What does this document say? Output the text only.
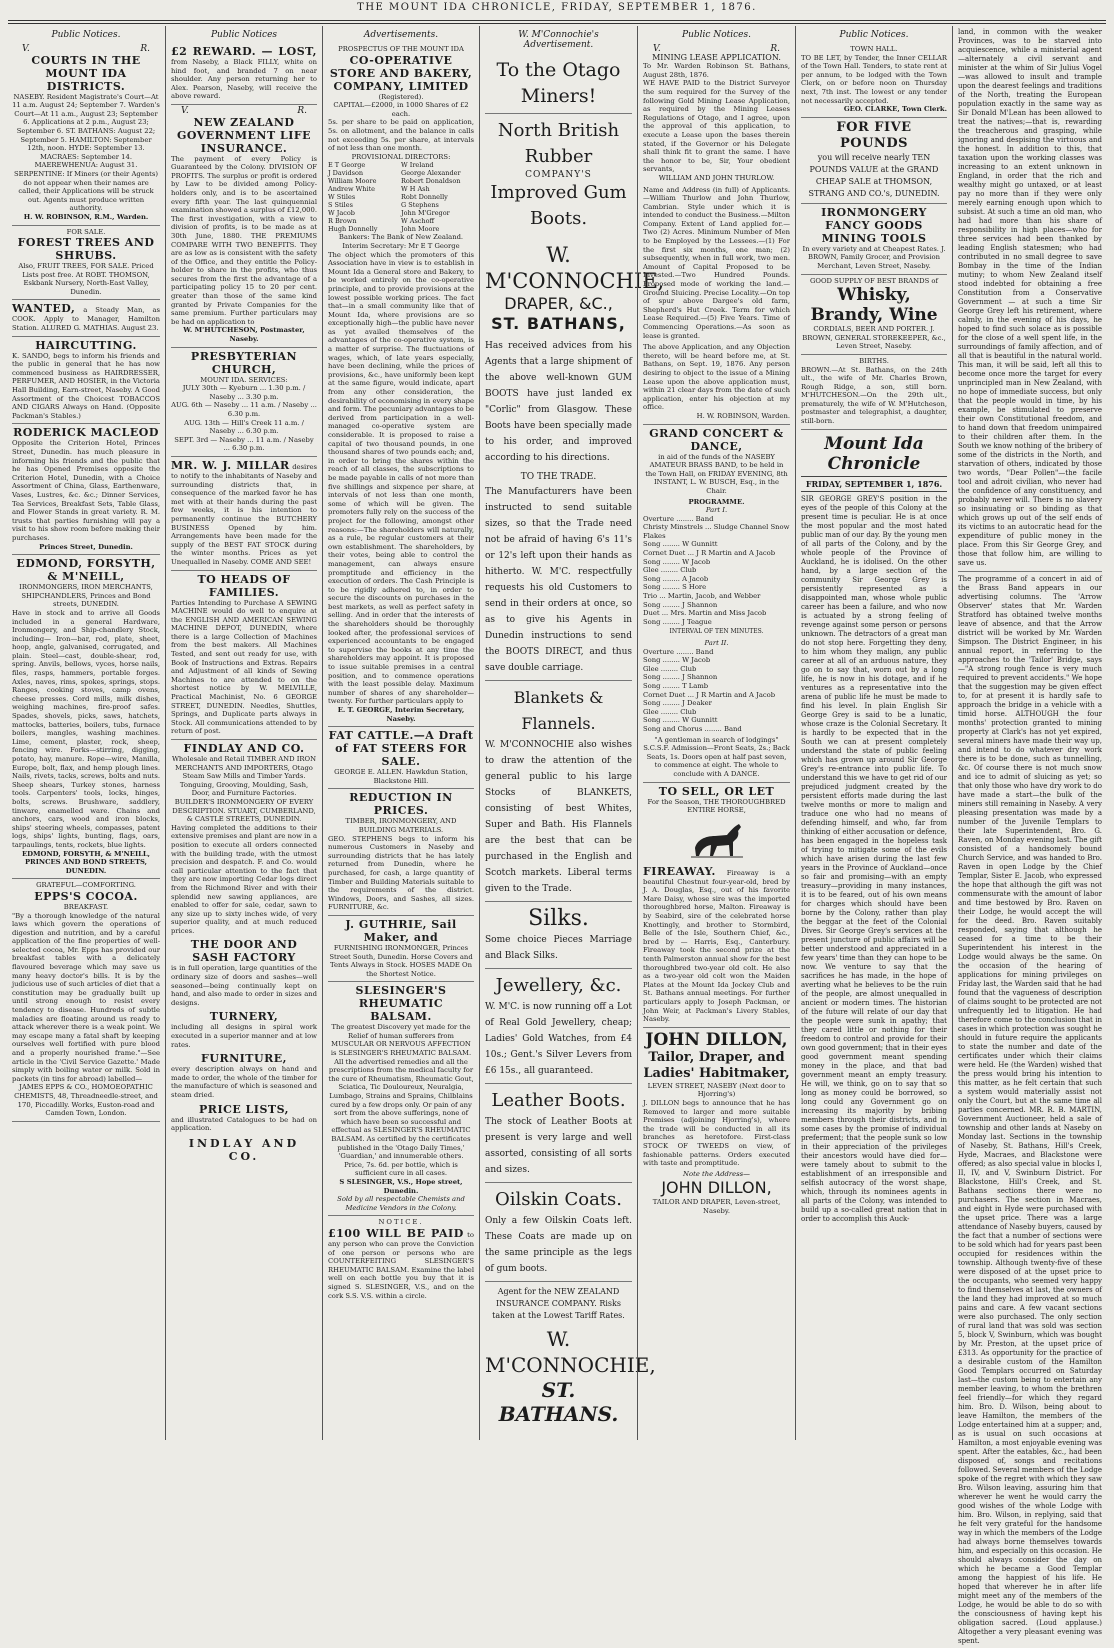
THE MOUNT IDA CHRONICLE, FRIDAY, SEPTEMBER 1, 1876.
Public Notices.
V.	R.
COURTS IN THE MOUNT IDA DISTRICTS.
NASEBY. Resident Magistrate's Court—At 11 a.m. August 24; September 7. Warden's Court—At 11 a.m., August 23; September 6. Applications at 2 p.m., August 23; September 6. ST. BATHANS: August 22; September 5. HAMILTON: September 12th, noon. HYDE: September 13. MACRAES: September 14. MAEREWHENUA: August 31. SERPENTINE: If Miners (or their Agents) do not appear when their names are called, their Applications will be struck out. Agents must produce written authority.
H. W. ROBINSON, R.M., Warden.
FOR SALE.
FOREST TREES AND SHRUBS.
Also, FRUIT TREES, FOR SALE. Priced Lists post free. At ROBT. THOMSON, Eskbank Nursery, North-East Valley, Dunedin.
WANTED, a Steady Man, as COOK. Apply to Manager, Hamilton Station. ALURED G. MATHIAS. August 23.
HAIRCUTTING.
K. SANDO, begs to inform his friends and the public in general that he has now commenced business as HAIRDRESSER, PERFUMER, AND HOSIER, in the Victoria Hall Building, Earn-street, Naseby. A Good Assortment of the Choicest TOBACCOS AND CIGARS Always on Hand. (Opposite Packman's Stables.)
RODERICK MACLEOD
Opposite the Criterion Hotel, Princes Street, Dunedin. has much pleasure in informing his friends and the public that he has Opened Premises opposite the Criterion Hotel, Dunedin, with a Choice Assortment of China, Glass, Earthenware, Vases, Lustres, &c. &c.; Dinner Services, Tea Services, Breakfast Sets, Table Glass, and Flower Stands in great variety. R. M. trusts that parties furnishing will pay a visit to his show room before making their purchases.
Princes Street, Dunedin.
EDMOND, FORSYTH, & M'NEILL,
IRONMONGERS, IRON MERCHANTS, SHIPCHANDLERS, Princes and Bond streets, DUNEDIN.
Have in stock and to arrive all Goods included in a general Hardware, Ironmongery, and Ship-chandlery Stock, including— Iron—bar, rod, plate, sheet, hoop, angle, galvanised, corrugated, and plain. Steel—cast, double-shear, rod, spring. Anvils, bellows, vyces, horse nails, files, rasps, hammers, portable forges. Axles, naves, rims, spokes, springs, stops. Ranges, cooking stoves, camp ovens, cheese presses. Cord mills, milk dishes, weighing machines, fire-proof safes. Spades, shovels, picks, saws, hatchets, mattocks, batteries, boilers, tubs, furnace boilers, mangles, washing machines. Lime, cement, plaster, rock, sheep, fencing wire. Forks—stirring, digging, potato, hay, manure. Rope—wire, Manilla, Europe, bolt, flax, and hemp plough lines. Nails, rivets, tacks, screws, bolts and nuts. Sheep shears, Turkey stones, harness tools. Carpenters' tools, locks, hinges, bolts, screws. Brushware, saddlery, tinware, enamelled ware. Chains and anchors, cars, wood and iron blocks, ships' steering wheels, compasses, patent logs, ships' lights, bunting, flags, oars, tarpaulings, tents, rockets, blue lights.
EDMOND, FORSYTH, & M'NEILL, PRINCES AND BOND STREETS, DUNEDIN.
GRATEFUL—COMFORTING.
EPPS'S COCOA.
BREAKFAST.
"By a thorough knowledge of the natural laws which govern the operations of digestion and nutrition, and by a careful application of the fine properties of well-selected cocoa, Mr. Epps has provided our breakfast tables with a delicately flavoured beverage which may save us many heavy doctor's bills. It is by the judicious use of such articles of diet that a constitution may be gradually built up until strong enough to resist every tendency to disease. Hundreds of subtle maladies are floating around us ready to attack wherever there is a weak point. We may escape many a fatal shaft by keeping ourselves well fortified with pure blood and a properly nourished frame."—See article in the 'Civil Service Gazette.' Made simply with boiling water or milk. Sold in packets (in tins for abroad) labelled—
JAMES EPPS & CO., HOMOEOPATHIC CHEMISTS, 48, Threadneedle-street, and 170, Piccadilly. Works, Euston-road and Camden Town, London.
Public Notices
£2 REWARD. — LOST, from Naseby, a Black FILLY, white on hind foot, and branded 7 on near shoulder. Any person returning her to Alex. Pearson, Naseby, will receive the above reward.
V.	R.
NEW ZEALAND GOVERNMENT LIFE INSURANCE.
The payment of every Policy is Guaranteed by the Colony. DIVISION OF PROFITS. The surplus or profit is ordered by Law to be divided among Policy-holders only, and is to be ascertained every fifth year. The last quinquennial examination showed a surplus of £12,000. The first investigation, with a view to division of profits, is to be made as at 30th June, 1880. THE PREMIUMS COMPARE WITH TWO BENEFITS. They are as low as is consistent with the safety of the Office, and they entitle the Policy-holder to share in the profits, who thus secures from the first the advantage of a participating policy 15 to 20 per cent. greater than those of the same kind granted by Private Companies for the same premium. Further particulars may be had on application to
W. M'HUTCHESON, Postmaster, Naseby.
PRESBYTERIAN CHURCH,
MOUNT IDA. SERVICES:
JULY 30th — Kyeburn ... 1.30 p.m. / Naseby ... 3.30 p.m.
AUG. 6th — Naseby ... 11 a.m. / Naseby ... 6.30 p.m.
AUG. 13th — Hill's Creek 11 a.m. / Naseby ... 6.30 p.m.
SEPT. 3rd — Naseby ... 11 a.m. / Naseby ... 6.30 p.m.
MR. W. J. MILLAR desires to notify to the inhabitants of Naseby and surrounding districts that, in consequence of the marked favor he has met with at their hands during the past few weeks, it is his intention to permanently continue the BUTCHERY BUSINESS Opened by him. Arrangements have been made for the supply of the BEST FAT STOCK during the winter months. Prices as yet Unequalled in Naseby. COME AND SEE!
TO HEADS OF FAMILIES.
Parties Intending to Purchase A SEWING MACHINE would do well to enquire at the ENGLISH AND AMERICAN SEWING MACHINE DEPOT, DUNEDIN, where there is a large Collection of Machines from the best makers. All Machines Tested, and sent out ready for use, with Book of Instructions and Extras. Repairs and Adjustment of all kinds of Sewing Machines to are attended to on the shortest notice by W. MELVILLE, Practical Machinist, No. 6 GEORGE STREET, DUNEDIN. Needles, Shuttles, Springs, and Duplicate parts always in Stock. All communications attended to by return of post.
FINDLAY AND CO.
Wholesale and Retail TIMBER AND IRON MERCHANTS AND IMPORTERS, Otago Steam Saw Mills and Timber Yards. Tonguing, Grooving, Moulding, Sash, Door, and Furniture Factories. BUILDER'S IRONMONGERY OF EVERY DESCRIPTION. STUART, CUMBERLAND, & CASTLE STREETS, DUNEDIN.
Having completed the additions to their extensive premises and plant are now in a position to execute all orders connected with the building trade, with the utmost precision and despatch. F. and Co. would call particular attention to the fact that they are now importing Cedar logs direct from the Richmond River and with their splendid new sawing appliances, are enabled to offer for sale, cedar, sawn to any size up to sixty inches wide, of very superior quality, and at much reduced prices.
THE DOOR AND SASH FACTORY
is in full operation, large quantities of the ordinary size of doors and sashes—well seasoned—being continually kept on hand, and also made to order in sizes and designs.
TURNERY,
including all designs in spiral work executed in a superior manner and at low rates.
FURNITURE,
every description always on hand and made to order, the whole of the timber for the manufacture of which is seasoned and steam dried.
PRICE LISTS,
and illustrated Catalogues to be had on application.
INDLAY AND CO.
Advertisements.
PROSPECTUS OF THE MOUNT IDA
CO-OPERATIVE STORE AND BAKERY, COMPANY, LIMITED
(Registered).
CAPITAL—£2000, in 1000 Shares of £2 each.
5s. per share to be paid on application, 5s. on allotment, and the balance in calls not exceeding 5s. per share, at intervals of not less than one month.
PROVISIONAL DIRECTORS:
E T George	W Ireland
J Davidson	George Alexander
William Moore	Robert Donaldson
Andrew White	W H Ash
W Stiles	Robt Donnelly
S Stiles	G Stephens
W Jacob	John M'Gregor
R Brown	W Aschoff
Hugh Donnelly	John Moore
Bankers: The Bank of New Zealand. Interim Secretary: Mr E T George
The object which the promoters of this Association have in view is to establish in Mount Ida a General store and Bakery, to be worked entirely on the co-operative principle, and to provide provisions at the lowest possible working prices. The fact that—in a small community like that of Mount Ida, where provisions are so exceptionally high—the public have never as yet availed themselves of the advantages of the co-operative system, is a matter of surprise. The fluctuations of wages, which, of late years especially, have been declining, while the prices of provisions, &c., have uniformly been kept at the same figure, would indicate, apart from any other consideration, the desirability of economising in every shape and form. The pecuniary advantages to be derived from participation in a well-managed co-operative system are considerable. It is proposed to raise a capital of two thousand pounds, in one thousand shares of two pounds each; and, in order to bring the shares within the reach of all classes, the subscriptions to be made payable in calls of not more than five shillings and sixpence per share, at intervals of not less than one month, some of which will be given. The promoters fully rely on the success of the project for the following, amongst other reasons:—The shareholders will naturally, as a rule, be regular customers at their own establishment. The shareholders, by their votes, being able to control the management, can always ensure promptitude and efficiency in the execution of orders. The Cash Principle is to be rigidly adhered to, in order to secure the discounts on purchases in the best markets, as well as perfect safety in selling. And in order that the interests of the shareholders should be thoroughly looked after, the professional services of experienced accountants to be engaged to supervise the books at any time the shareholders may appoint. It is proposed to issue suitable premises in a central position, and to commence operations with the least possible delay. Maximum number of shares of any shareholder—twenty. For further particulars apply to
E. T. GEORGE, Interim Secretary, Naseby.
FAT CATTLE.—A Draft of FAT STEERS FOR SALE.
GEORGE E. ALLEN. Hawkdun Station, Blackstone Hill.
REDUCTION IN PRICES.
TIMBER, IRONMONGERY, AND BUILDING MATERIALS.
GEO. STEPHENS begs to inform his numerous Customers in Naseby and surrounding districts that he has lately returned from Dunedin, where he purchased, for cash, a large quantity of Timber and Building Materials suitable to the requirements of the district. Windows, Doors, and Sashes, all sizes. FURNITURE, &c.
J. GUTHRIE, Sail Maker, and
FURNISHING IRONMONGER, Princes Street South, Dunedin. Horse Covers and Tents Always in Stock. HOSES MADE On the Shortest Notice.
SLESINGER'S RHEUMATIC BALSAM.
The greatest Discovery yet made for the Relief of human sufferers from MUSCULAR OR NERVOUS AFFECTION is SLESINGER'S RHEUMATIC BALSAM. All the advertised remedies and all the prescriptions from the medical faculty for the cure of Rheumatism, Rheumatic Gout, Sciatica, Tic Douloureux, Neuralgia, Lumbago, Strains and Sprains, Chilblains cured by a few drops only. Or pain of any sort from the above sufferings, none of which have been so successful and effectual as SLESINGER'S RHEUMATIC BALSAM. As certified by the certificates published in the 'Otago Daily Times,' 'Guardian,' and innumerable others. Price, 7s. 6d. per bottle, which is sufficient cure in all cases.
S SLESINGER, V.S., Hope street, Dunedin.
Sold by all respectable Chemists and Medicine Vendors in the Colony.
NOTICE.
£100 WILL BE PAID to any person who can prove the Conviction of one person or persons who are COUNTERFEITING SLESINGER'S RHEUMATIC BALSAM. Examine the label well on each bottle you buy that it is signed S. SLESINGER, V.S., and on the cork S.S. V.S. within a circle.
W. M'Connochie's Advertisement.
To the Otago Miners!
North British Rubber
COMPANY'S
Improved Gum Boots.
W. M'CONNOCHIE,
DRAPER, &C.,
ST. BATHANS,
Has received advices from his Agents that a large shipment of the above well-known GUM BOOTS have just landed ex "Corlic" from Glasgow. These Boots have been specially made to his order, and improved according to his directions.
TO THE TRADE.
The Manufacturers have been instructed to send suitable sizes, so that the Trade need not be afraid of having 6's 11's or 12's left upon their hands as hitherto. W. M'C. respectfully requests his old Customers to send in their orders at once, so as to give his Agents in Dunedin instructions to send the BOOTS DIRECT, and thus save double carriage.
Blankets & Flannels.
W. M'CONNOCHIE also wishes to draw the attention of the general public to his large Stocks of BLANKETS, consisting of best Whites, Super and Bath. His Flannels are the best that can be purchased in the English and Scotch markets. Liberal terms given to the Trade.
Silks.
Some choice Pieces Marriage and Black Silks.
Jewellery, &c.
W. M'C. is now running off a Lot of Real Gold Jewellery, cheap; Ladies' Gold Watches, from £4 10s.; Gent.'s Silver Levers from £6 15s., all guaranteed.
Leather Boots.
The stock of Leather Boots at present is very large and well assorted, consisting of all sorts and sizes.
Oilskin Coats.
Only a few Oilskin Coats left. These Coats are made up on the same principle as the legs of gum boots.
Agent for the NEW ZEALAND INSURANCE COMPANY. Risks taken at the Lowest Tariff Rates.
W. M'CONNOCHIE,
ST. BATHANS.
Public Notices.
V.	R.
MINING LEASE APPLICATION.
To Mr. Warden Robinson St. Bathans, August 28th, 1876.
WE HAVE PAID to the District Surveyor the sum required for the Survey of the following Gold Mining Lease Application, as required by the Mining Leases Regulations of Otago, and I agree, upon the approval of this application, to execute a Lease upon the bases therein stated, if the Governor or his Delegate shall think fit to grant the same. I have the honor to be, Sir, Your obedient servants,
WILLIAM AND JOHN THURLOW.
Name and Address (in full) of Applicants.—William Thurlow and John Thurlow, Cambrian. Style under which it is intended to conduct the Business.—Milton Company. Extent of Land applied for.—Two (2) Acres. Minimum Number of Men to be Employed by the Lessees.—(1) For the first six months, one man; (2) subsequently, when in full work, two men. Amount of Capital Proposed to be Invested.—Two Hundred Pounds. Proposed mode of working the land.—Ground Sluicing. Precise Locality.—On top of spur above Dargee's old farm, Shepherd's Hut Creek. Term for which Lease Required.—(5) Five Years. Time of Commencing Operations.—As soon as lease is granted.
The above Application, and any Objection thereto, will be heard before me, at St. Bathans, on Sept. 19, 1876. Any person desiring to object to the issue of a Mining Lease upon the above application must, within 21 clear days from the date of such application, enter his objection at my office.
H. W. ROBINSON, Warden.
GRAND CONCERT & DANCE,
in aid of the funds of the NASEBY AMATEUR BRASS BAND, to be held in the Town Hall, on FRIDAY EVENING, 8th INSTANT, L. W. BUSCH, Esq., in the Chair.
PROGRAMME.
Part I.
Overture ........ Band
Christy Minstrels ... Sludge Channel Snow Flakes
Song ........ W Gunnitt
Cornet Duet ... J R Martin and A Jacob
Song ........ W Jacob
Glee ........ Club
Song ........ A Jacob
Song ........ S Hore
Trio ... Martin, Jacob, and Webber
Song ........ J Shannon
Duet ... Mrs. Martin and Miss Jacob
Song ........ J Teague
INTERVAL OF TEN MINUTES.
Part II.
Overture ........ Band
Song ........ W Jacob
Glee ........ Club
Song ........ J Shannon
Song ........ T Lamb
Cornet Duet ... J R Martin and A Jacob
Song ........ J Deaker
Glee ........ Club
Song ........ W Gunnitt
Song and Chorus ........ Band
"A gentleman in search of lodgings" S.C.S.F. Admission—Front Seats, 2s.; Back Seats, 1s. Doors open at half past seven, to commence at eight. The whole to conclude with A DANCE.
TO SELL, OR LET
For the Season, THE THOROUGHBRED ENTIRE HORSE,
FIREAWAY. Fireaway is a beautiful Chestnut four-year-old, bred by J. A. Douglas, Esq., out of his favorite Mare Daisy, whose sire was the imported thoroughbred horse, Malton. Fireaway is by Seabird, sire of the celebrated horse Knottingly, and brother to Stormbird, Belle of the Isle, Southern Chief, &c., bred by — Harris, Esq., Canterbury. Fireaway took the second prize at the tenth Palmerston annual show for the best thoroughbred two-year old colt. He also as a two-year old colt won the Maiden Plates at the Mount Ida Jockey Club and St. Bathans annual meetings. For further particulars apply to Joseph Packman, or John Weir, at Packman's Livery Stables, Naseby.
JOHN DILLON,
Tailor, Draper, and Ladies' Habitmaker,
LEVEN STREET, NASEBY (Next door to Hjorring's)
J. DILLON begs to announce that he has Removed to larger and more suitable Premises (adjoining Hjorring's), where the trade will be conducted in all its branches as heretofore. First-class STOCK OF TWEEDS on view, of fashionable patterns. Orders executed with taste and promptitude.
Note the Address—
JOHN DILLON,
TAILOR AND DRAPER, Leven-street, Naseby.
Public Notices.
TOWN HALL.
TO BE LET, by Tender, the Inner CELLAR of the Town Hall. Tenders, to state rent at per annum, to be lodged with the Town Clerk, on or before noon on Thursday next, 7th inst. The lowest or any tender not necessarily accepted.
GEO. CLARKE, Town Clerk.
FOR FIVE POUNDS
you will receive nearly TEN POUNDS VALUE at the GRAND CHEAP SALE at THOMSON, STRANG AND CO.'s, DUNEDIN.
IRONMONGERY FANCY GOODS MINING TOOLS
In every variety and at Cheapest Rates. J. BROWN, Family Grocer, and Provision Merchant, Leven Street, Naseby.
GOOD SUPPLY OF BEST BRANDS of
Whisky, Brandy, Wine
CORDIALS, BEER AND PORTER. J. BROWN, GENERAL STOREKEEPER, &c., Leven Street, Naseby.
BIRTHS.
BROWN.—At St. Bathans, on the 24th ult., the wife of Mr. Charles Brown, Rough Ridge, a son, still born. M'HUTCHESON.—On the 29th ult., prematurely, the wife of W. M'Hutcheson, postmaster and telegraphist, a daughter, still-born.
Mount Ida Chronicle
FRIDAY, SEPTEMBER 1, 1876.
SIR GEORGE GREY'S position in the eyes of the people of this Colony at the present time is peculiar. He is at once the most popular and the most hated public man of our day. By the young men of all parts of the Colony, and by the whole people of the Province of Auckland, he is idolised. On the other hand, by a large section of the community Sir George Grey is persistently represented as a disappointed man, whose whole public career has been a failure, and who now is actuated by a strong feeling of revenge against some person or persons unknown. The detractors of a great man do not stop here. Forgetting they deny, to him whom they malign, any public career at all of an arduous nature, they go on to say that, worn out by a long life, he is now in his dotage, and if he ventures as a representative into the arena of public life he must be made to find his level. In plain English Sir George Grey is said to be a lunatic, whose craze is the Colonial Secretary. It is hardly to be expected that in the South we can at present completely understand the state of public feeling which has grown up around Sir George Grey's re-entrance into public life. To understand this we have to get rid of our prejudiced judgment created by the persistent efforts made during the last twelve months or more to malign and traduce one who had no means of defending himself, and who, far from thinking of either accusation or defence, has been engaged in the hopeless task of trying to mitigate some of the evils which have arisen during the last few years in the Province of Auckland—once so fair and promising—with an empty treasury—providing in many instances, it is to be feared, out of his own means for charges which should have been borne by the Colony, rather than play the beggar at the feet of the Colonial Dives. Sir George Grey's services at the present juncture of public affairs will be better understood and appreciated in a few years' time than they can hope to be now. We venture to say that the sacrifices he has made, in the hope of averting what he believes to be the ruin of the people, are almost unequalled in ancient or modern times. The historian of the future will relate of our day that the people were sunk in apathy; that they cared little or nothing for their freedom to control and provide for their own good government; that in their eyes good government meant spending money in the place, and that bad government meant an empty treasury. He will, we think, go on to say that so long as money could be borrowed, so long could any Government go on increasing its majority by bribing members through their districts, and in some cases by the promise of individual preferment; that the people sunk so low in their appreciation of the privileges their ancestors would have died for—were tamely about to submit to the establishment of an irresponsible and selfish autocracy of the worst shape, which, through its nominees agents in all parts of the Colony, was intended to build up a so-called great nation that in order to accomplish this Auck-
land, in common with the weaker Provinces, was to be starved into acquiescence, while a ministerial agent—alternately a civil servant and minister at the whim of Sir Julius Vogel—was allowed to insult and trample upon the dearest feelings and traditions of the North, treating the European population exactly in the same way as Sir Donald M'Lean has been allowed to treat the natives;—that is, rewarding the treacherous and grasping, while ignoring and despising the virtuous and the honest. In addition to this, that taxation upon the working classes was increasing to an extent unknown in England, in order that the rich and wealthy might go untaxed, or at least pay no more than if they were only merely earning enough upon which to subsist. At such a time an old man, who had had more than his share of responsibility in high places—who for three services had been thanked by leading English statesmen; who had contributed in no small degree to save Bombay in the time of the Indian mutiny; to whom New Zealand itself stood indebted for obtaining a free Constitution from a Conservative Government — at such a time Sir George Grey left his retirement, where calmly, in the evening of his days, he hoped to find such solace as is possible for the close of a well spent life, in the surroundings of family affection, and of all that is beautiful in the natural world. This man, it will be said, left all this to become once more the target for every unprincipled man in New Zealand, with no hope of immediate success, but only that the people would in time, by his example, be stimulated to preserve their own Constitutional freedom, and to hand down that freedom unimpaired to their children after them. In the South we know nothing of the bribery of some of the districts in the North, and starvation of others, indicated by those two words, "Dear Pollen"—the facile tool and adroit civilian, who never had the confidence of any constituency, and probably never will. There is no slavery so insinuating or so binding as that which grows up out of the self ends of its victims to an autocratic head for the expenditure of public money in the place. From this Sir George Grey, and those that follow him, are willing to save us.
The programme of a concert in aid of the Brass Band appears in our advertising columns. The 'Arrow Observer' states that Mr. Warden Stratford has obtained twelve months leave of absence, and that the Arrow district will be worked by Mr. Warden Simpson. The District Engineer, in his annual report, in referring to the approaches to the 'Tailor' Bridge, says—"A strong rough fence is very much required to prevent accidents." We hope that the suggestion may be given effect to, for at present it is hardly safe to approach the bridge in a vehicle with a timid horse. ALTHOUGH the four months' protection granted to mining property at Clark's has not yet expired, several miners have made their way up, and intend to do whatever dry work there is to be done, such as tunnelling, &c. Of course there is not much snow and ice to admit of sluicing as yet; so that only those who have dry work to do have made a start—the bulk of the miners still remaining in Naseby. A very pleasing presentation was made by a number of the Juvenile Templars to their late Superintendent, Bro. G. Raven, on Monday evening last. The gift consisted of a handsomely bound Church Service, and was handed to Bro. Raven in open Lodge by the Chief Templar, Sister E. Jacob, who expressed the hope that although the gift was not commensurate with the amount of labor and time bestowed by Bro. Raven on their Lodge, he would accept the will for the deed. Bro. Raven suitably responded, saying that although he ceased for a time to be their Superintendent his interest in the Lodge would always be the same. On the occasion of the hearing of applications for mining privileges on Friday last, the Warden said that he had found that the vagueness of description of claims sought to be protected are not unfrequently led to litigation. He had therefore come to the conclusion that in cases in which protection was sought he should in future require the applicants to state the number and date of the certificates under which their claims were held. He (the Warden) wished that the press would bring his intention to this matter, as he felt certain that such a system would materially assist not only the Court, but at the same time all parties concerned. MR. R. B. MARTIN, Government Auctioneer, held a sale of township and other lands at Naseby on Monday last. Sections in the township of Naseby, St. Bathans, Hill's Creek, Hyde, Macraes, and Blackstone were offered; as also special value in blocks I, II, IV, and V, Swinburn District. For Blackstone, Hill's Creek, and St. Bathans sections there were no purchasers. The section in Macraes, and eight in Hyde were purchased with the upset price. There was a large attendance of Naseby buyers, caused by the fact that a number of sections were to be sold which had for years past been occupied for residences within the township. Although twenty-five of these were disposed of at the upset price to the occupants, who seemed very happy to find themselves at last, the owners of the land they had improved at so much pains and care. A few vacant sections were also purchased. The only section of rural land that was sold was section 5, block V, Swinburn, which was bought by Mr. Preston, at the upset price of £313. As opportunity for the practice of a desirable custom of the Hamilton Good Templars occurred on Saturday last—the custom being to entertain any member leaving, to whom the brethren feel friendly—for which they regard him. Bro. D. Wilson, being about to leave Hamilton, the members of the Lodge entertained him at a supper; and, as is usual on such occasions at Hamilton, a most enjoyable evening was spent. After the eatables, &c., had been disposed of, songs and recitations followed. Several members of the Lodge spoke of the regret with which they saw Bro. Wilson leaving, assuring him that wherever he went he would carry the good wishes of the whole Lodge with him. Bro. Wilson, in replying, said that he felt very grateful for the handsome way in which the members of the Lodge had always borne themselves towards him, and especially on this occasion. He should always consider the day on which he became a Good Templar among the happiest of his life. He hoped that wherever he in after life might meet any of the members of the Lodge, he would be able to do so with the consciousness of having kept his obligation sacred. (Loud applause.) Altogether a very pleasant evening was spent.
